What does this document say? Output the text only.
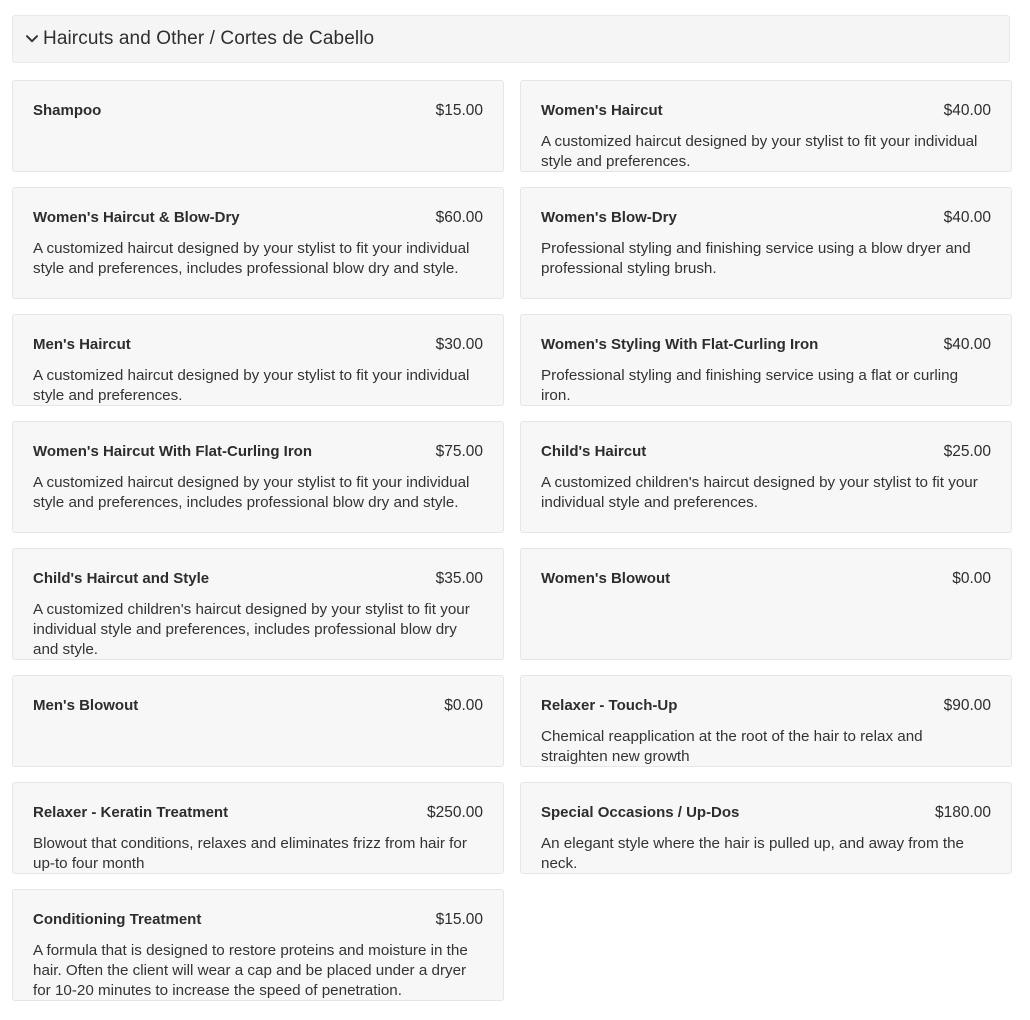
Haircuts and Other / Cortes de Cabello
Shampoo	$15.00	Women's Haircut	$40.00
A customized haircut designed by your stylist to fit your individual style and preferences.
Women's Haircut & Blow-Dry	$60.00
A customized haircut designed by your stylist to fit your individual style and preferences, includes professional blow dry and style.
Women's Blow-Dry	$40.00
Professional styling and finishing service using a blow dryer and professional styling brush.
Men's Haircut	$30.00
A customized haircut designed by your stylist to fit your individual style and preferences.
Women's Styling With Flat-Curling Iron	$40.00
Professional styling and finishing service using a flat or curling iron.
Women's Haircut With Flat-Curling Iron	$75.00
A customized haircut designed by your stylist to fit your individual style and preferences, includes professional blow dry and style.
Child's Haircut	$25.00
A customized children's haircut designed by your stylist to fit your individual style and preferences.
Child's Haircut and Style	$35.00
A customized children's haircut designed by your stylist to fit your individual style and preferences, includes professional blow dry and style.
Women's Blowout	$0.00
Men's Blowout	$0.00	Relaxer - Touch-Up	$90.00
Chemical reapplication at the root of the hair to relax and straighten new growth
Relaxer - Keratin Treatment	$250.00
Blowout that conditions, relaxes and eliminates frizz from hair for up-to four month
Special Occasions / Up-Dos	$180.00
An elegant style where the hair is pulled up, and away from the neck.
Conditioning Treatment	$15.00
A formula that is designed to restore proteins and moisture in the hair. Often the client will wear a cap and be placed under a dryer for 10-20 minutes to increase the speed of penetration.
